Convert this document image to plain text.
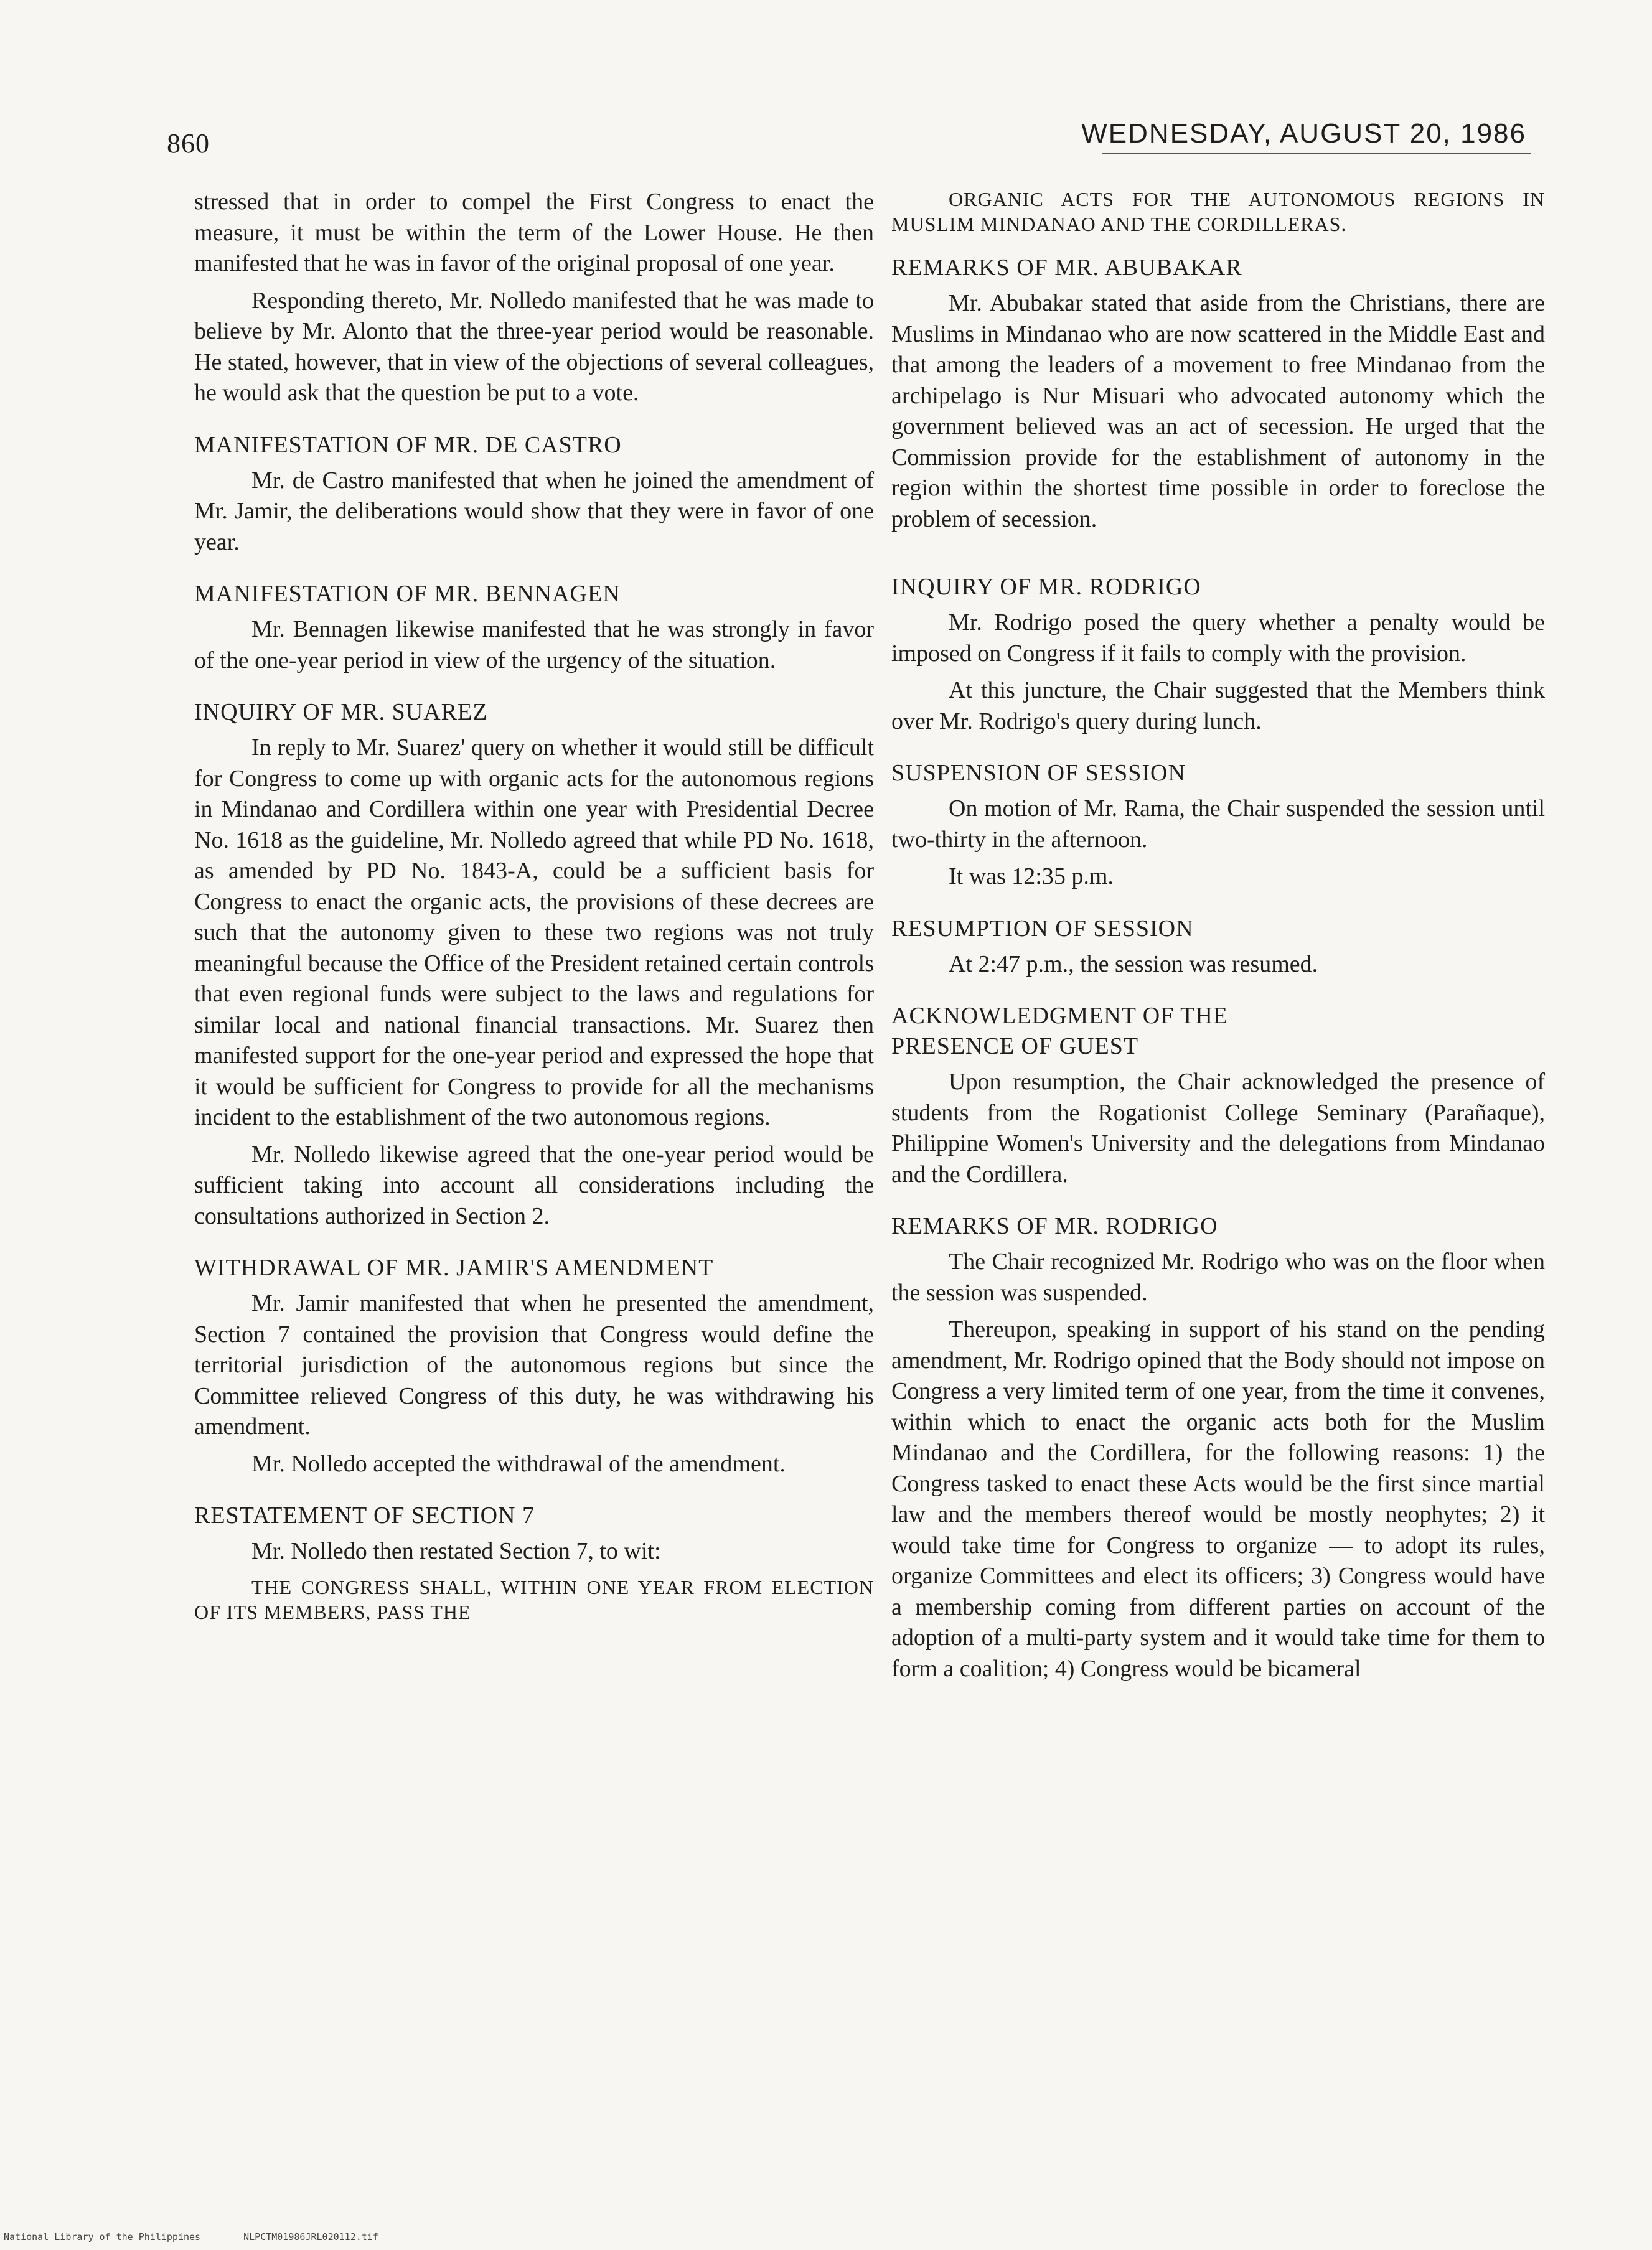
860	WEDNESDAY, AUGUST 20, 1986

stressed that in order to compel the First Congress to enact the measure, it must be within the term of the Lower House. He then manifested that he was in favor of the original proposal of one year.

Responding thereto, Mr. Nolledo manifested that he was made to believe by Mr. Alonto that the three-year period would be reasonable. He stated, however, that in view of the objections of several colleagues, he would ask that the question be put to a vote.

MANIFESTATION OF MR. DE CASTRO

Mr. de Castro manifested that when he joined the amendment of Mr. Jamir, the deliberations would show that they were in favor of one year.

MANIFESTATION OF MR. BENNAGEN

Mr. Bennagen likewise manifested that he was strongly in favor of the one-year period in view of the urgency of the situation.

INQUIRY OF MR. SUAREZ

In reply to Mr. Suarez' query on whether it would still be difficult for Congress to come up with organic acts for the autonomous regions in Mindanao and Cordillera within one year with Presidential Decree No. 1618 as the guideline, Mr. Nolledo agreed that while PD No. 1618, as amended by PD No. 1843-A, could be a sufficient basis for Congress to enact the organic acts, the provisions of these decrees are such that the autonomy given to these two regions was not truly meaningful because the Office of the President retained certain controls that even regional funds were subject to the laws and regulations for similar local and national financial transactions. Mr. Suarez then manifested support for the one-year period and expressed the hope that it would be sufficient for Congress to provide for all the mechanisms incident to the establishment of the two autonomous regions.

Mr. Nolledo likewise agreed that the one-year period would be sufficient taking into account all considerations including the consultations authorized in Section 2.

WITHDRAWAL OF MR. JAMIR'S AMENDMENT

Mr. Jamir manifested that when he presented the amendment, Section 7 contained the provision that Congress would define the territorial jurisdiction of the autonomous regions but since the Committee relieved Congress of this duty, he was withdrawing his amendment.

Mr. Nolledo accepted the withdrawal of the amendment.

RESTATEMENT OF SECTION 7

Mr. Nolledo then restated Section 7, to wit:

THE CONGRESS SHALL, WITHIN ONE YEAR FROM ELECTION OF ITS MEMBERS, PASS THE

ORGANIC ACTS FOR THE AUTONOMOUS REGIONS IN MUSLIM MINDANAO AND THE CORDILLERAS.

REMARKS OF MR. ABUBAKAR

Mr. Abubakar stated that aside from the Christians, there are Muslims in Mindanao who are now scattered in the Middle East and that among the leaders of a movement to free Mindanao from the archipelago is Nur Misuari who advocated autonomy which the government believed was an act of secession. He urged that the Commission provide for the establishment of autonomy in the region within the shortest time possible in order to foreclose the problem of secession.

INQUIRY OF MR. RODRIGO

Mr. Rodrigo posed the query whether a penalty would be imposed on Congress if it fails to comply with the provision.

At this juncture, the Chair suggested that the Members think over Mr. Rodrigo's query during lunch.

SUSPENSION OF SESSION

On motion of Mr. Rama, the Chair suspended the session until two-thirty in the afternoon.

It was 12:35 p.m.

RESUMPTION OF SESSION

At 2:47 p.m., the session was resumed.

ACKNOWLEDGMENT OF THE

PRESENCE OF GUEST

Upon resumption, the Chair acknowledged the presence of students from the Rogationist College Seminary (Parañaque), Philippine Women's University and the delegations from Mindanao and the Cordillera.

REMARKS OF MR. RODRIGO

The Chair recognized Mr. Rodrigo who was on the floor when the session was suspended.

Thereupon, speaking in support of his stand on the pending amendment, Mr. Rodrigo opined that the Body should not impose on Congress a very limited term of one year, from the time it convenes, within which to enact the organic acts both for the Muslim Mindanao and the Cordillera, for the following reasons: 1) the Congress tasked to enact these Acts would be the first since martial law and the members thereof would be mostly neophytes; 2) it would take time for Congress to organize — to adopt its rules, organize Committees and elect its officers; 3) Congress would have a membership coming from different parties on account of the adoption of a multi-party system and it would take time for them to form a coalition; 4) Congress would be bicameral

National Library of the Philippines	NLPCTM01986JRL020112.tif
